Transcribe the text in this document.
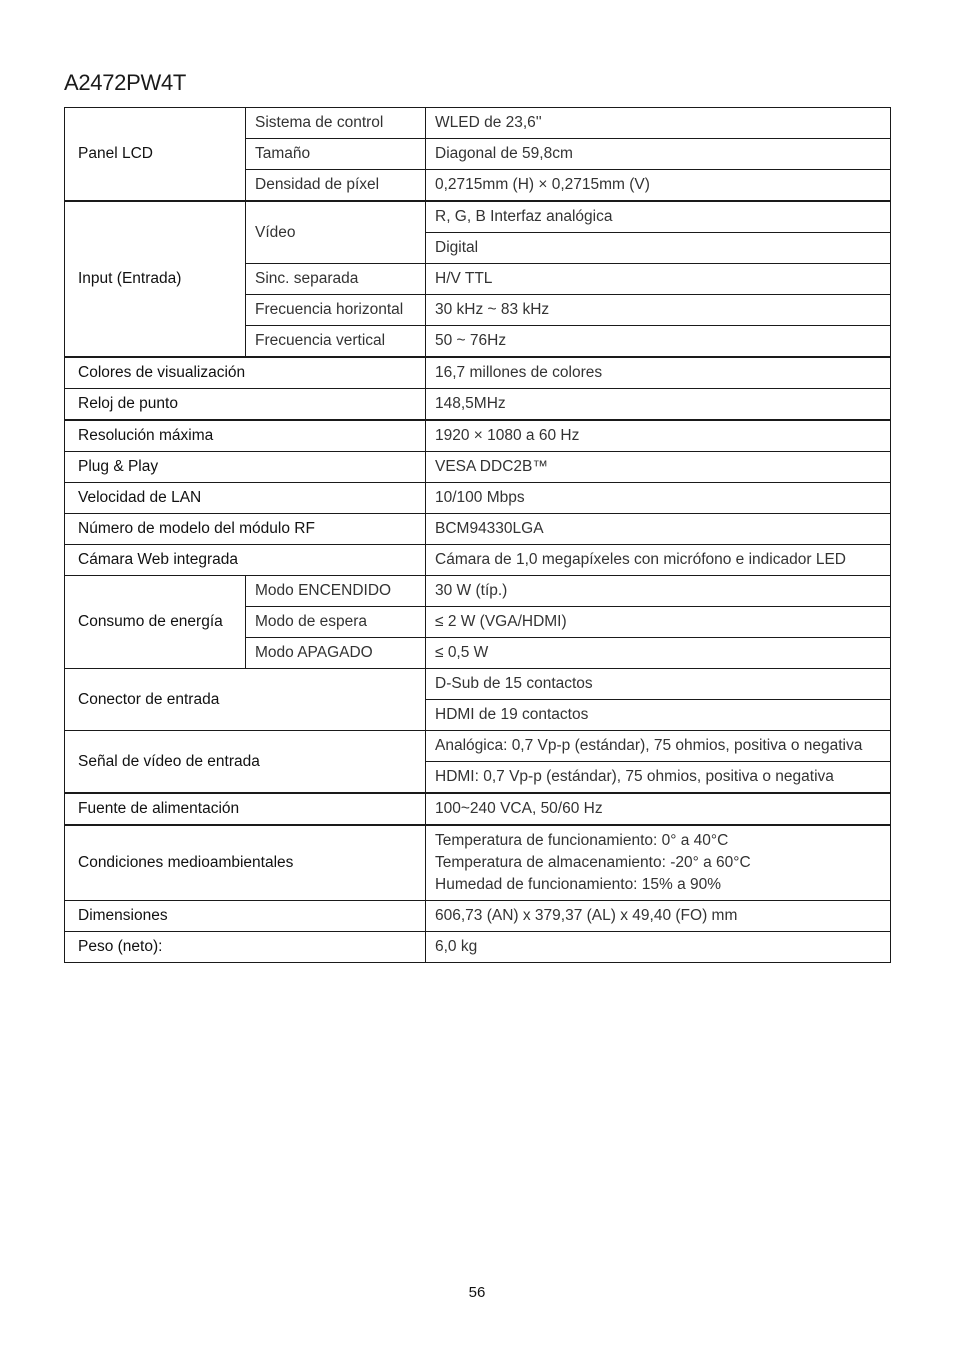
A2472PW4T
Panel LCD	Sistema de control	WLED de 23,6''
	Tamaño	Diagonal de 59,8cm
	Densidad de píxel	0,2715mm (H) × 0,2715mm (V)
Input (Entrada)	Vídeo	R, G, B Interfaz analógica
		Digital
	Sinc. separada	H/V TTL
	Frecuencia horizontal	30 kHz ~ 83 kHz
	Frecuencia vertical	50 ~ 76Hz
Colores de visualización		16,7 millones de colores
Reloj de punto		148,5MHz
Resolución máxima		1920 × 1080 a 60 Hz
Plug & Play		VESA DDC2B™
Velocidad de LAN		10/100 Mbps
Número de modelo del módulo RF		BCM94330LGA
Cámara Web integrada		Cámara de 1,0 megapíxeles con micrófono e indicador LED
Consumo de energía	Modo ENCENDIDO	30 W (típ.)
	Modo de espera	≤ 2 W (VGA/HDMI)
	Modo APAGADO	≤ 0,5 W
Conector de entrada		D-Sub de 15 contactos
		HDMI de 19 contactos
Señal de vídeo de entrada		Analógica: 0,7 Vp-p (estándar), 75 ohmios, positiva o negativa
		HDMI: 0,7 Vp-p (estándar), 75 ohmios, positiva o negativa
Fuente de alimentación		100~240 VCA, 50/60 Hz
Condiciones medioambientales		Temperatura de funcionamiento: 0° a 40°C
Temperatura de almacenamiento: -20° a 60°C
Humedad de funcionamiento: 15% a 90%

Dimensiones		606,73 (AN) x 379,37 (AL) x 49,40 (FO) mm
Peso (neto):		6,0 kg
56
